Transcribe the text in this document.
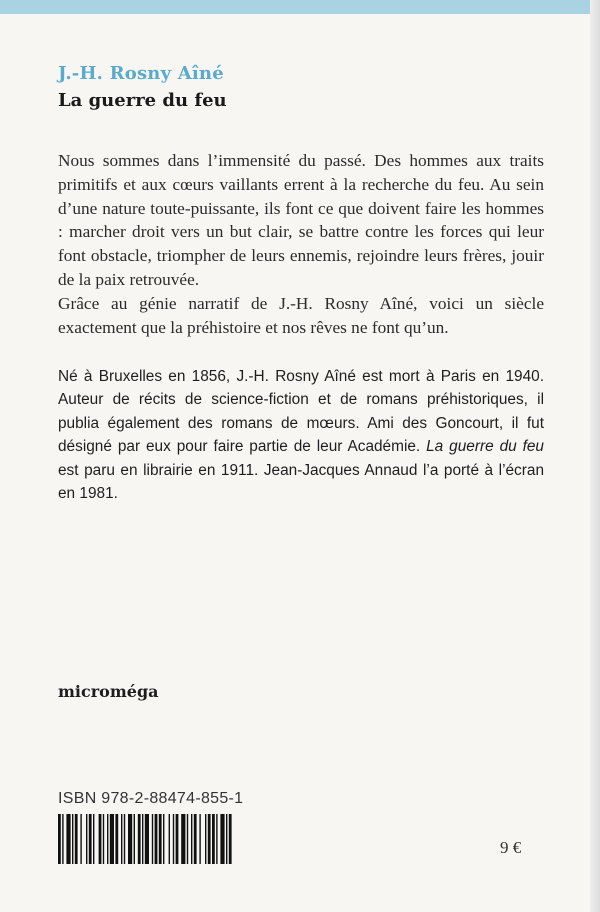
J.-H. Rosny Aîné
La guerre du feu

Nous sommes dans l’immensité du passé. Des hommes aux traits primitifs et aux cœurs vaillants errent à la recherche du feu. Au sein d’une nature toute-puissante, ils font ce que doivent faire les hommes : marcher droit vers un but clair, se battre contre les forces qui leur font obstacle, triompher de leurs ennemis, rejoindre leurs frères, jouir de la paix retrouvée.

Grâce au génie narratif de J.-H. Rosny Aîné, voici un siècle exactement que la préhistoire et nos rêves ne font qu’un.

Né à Bruxelles en 1856, J.-H. Rosny Aîné est mort à Paris en 1940. Auteur de récits de science-fiction et de romans préhistoriques, il publia également des romans de mœurs. Ami des Goncourt, il fut désigné par eux pour faire partie de leur Académie. La guerre du feu est paru en librairie en 1911. Jean-Jacques Annaud l’a porté à l’écran en 1981.

microméga
ISBN 978-2-88474-855-1
9 €
